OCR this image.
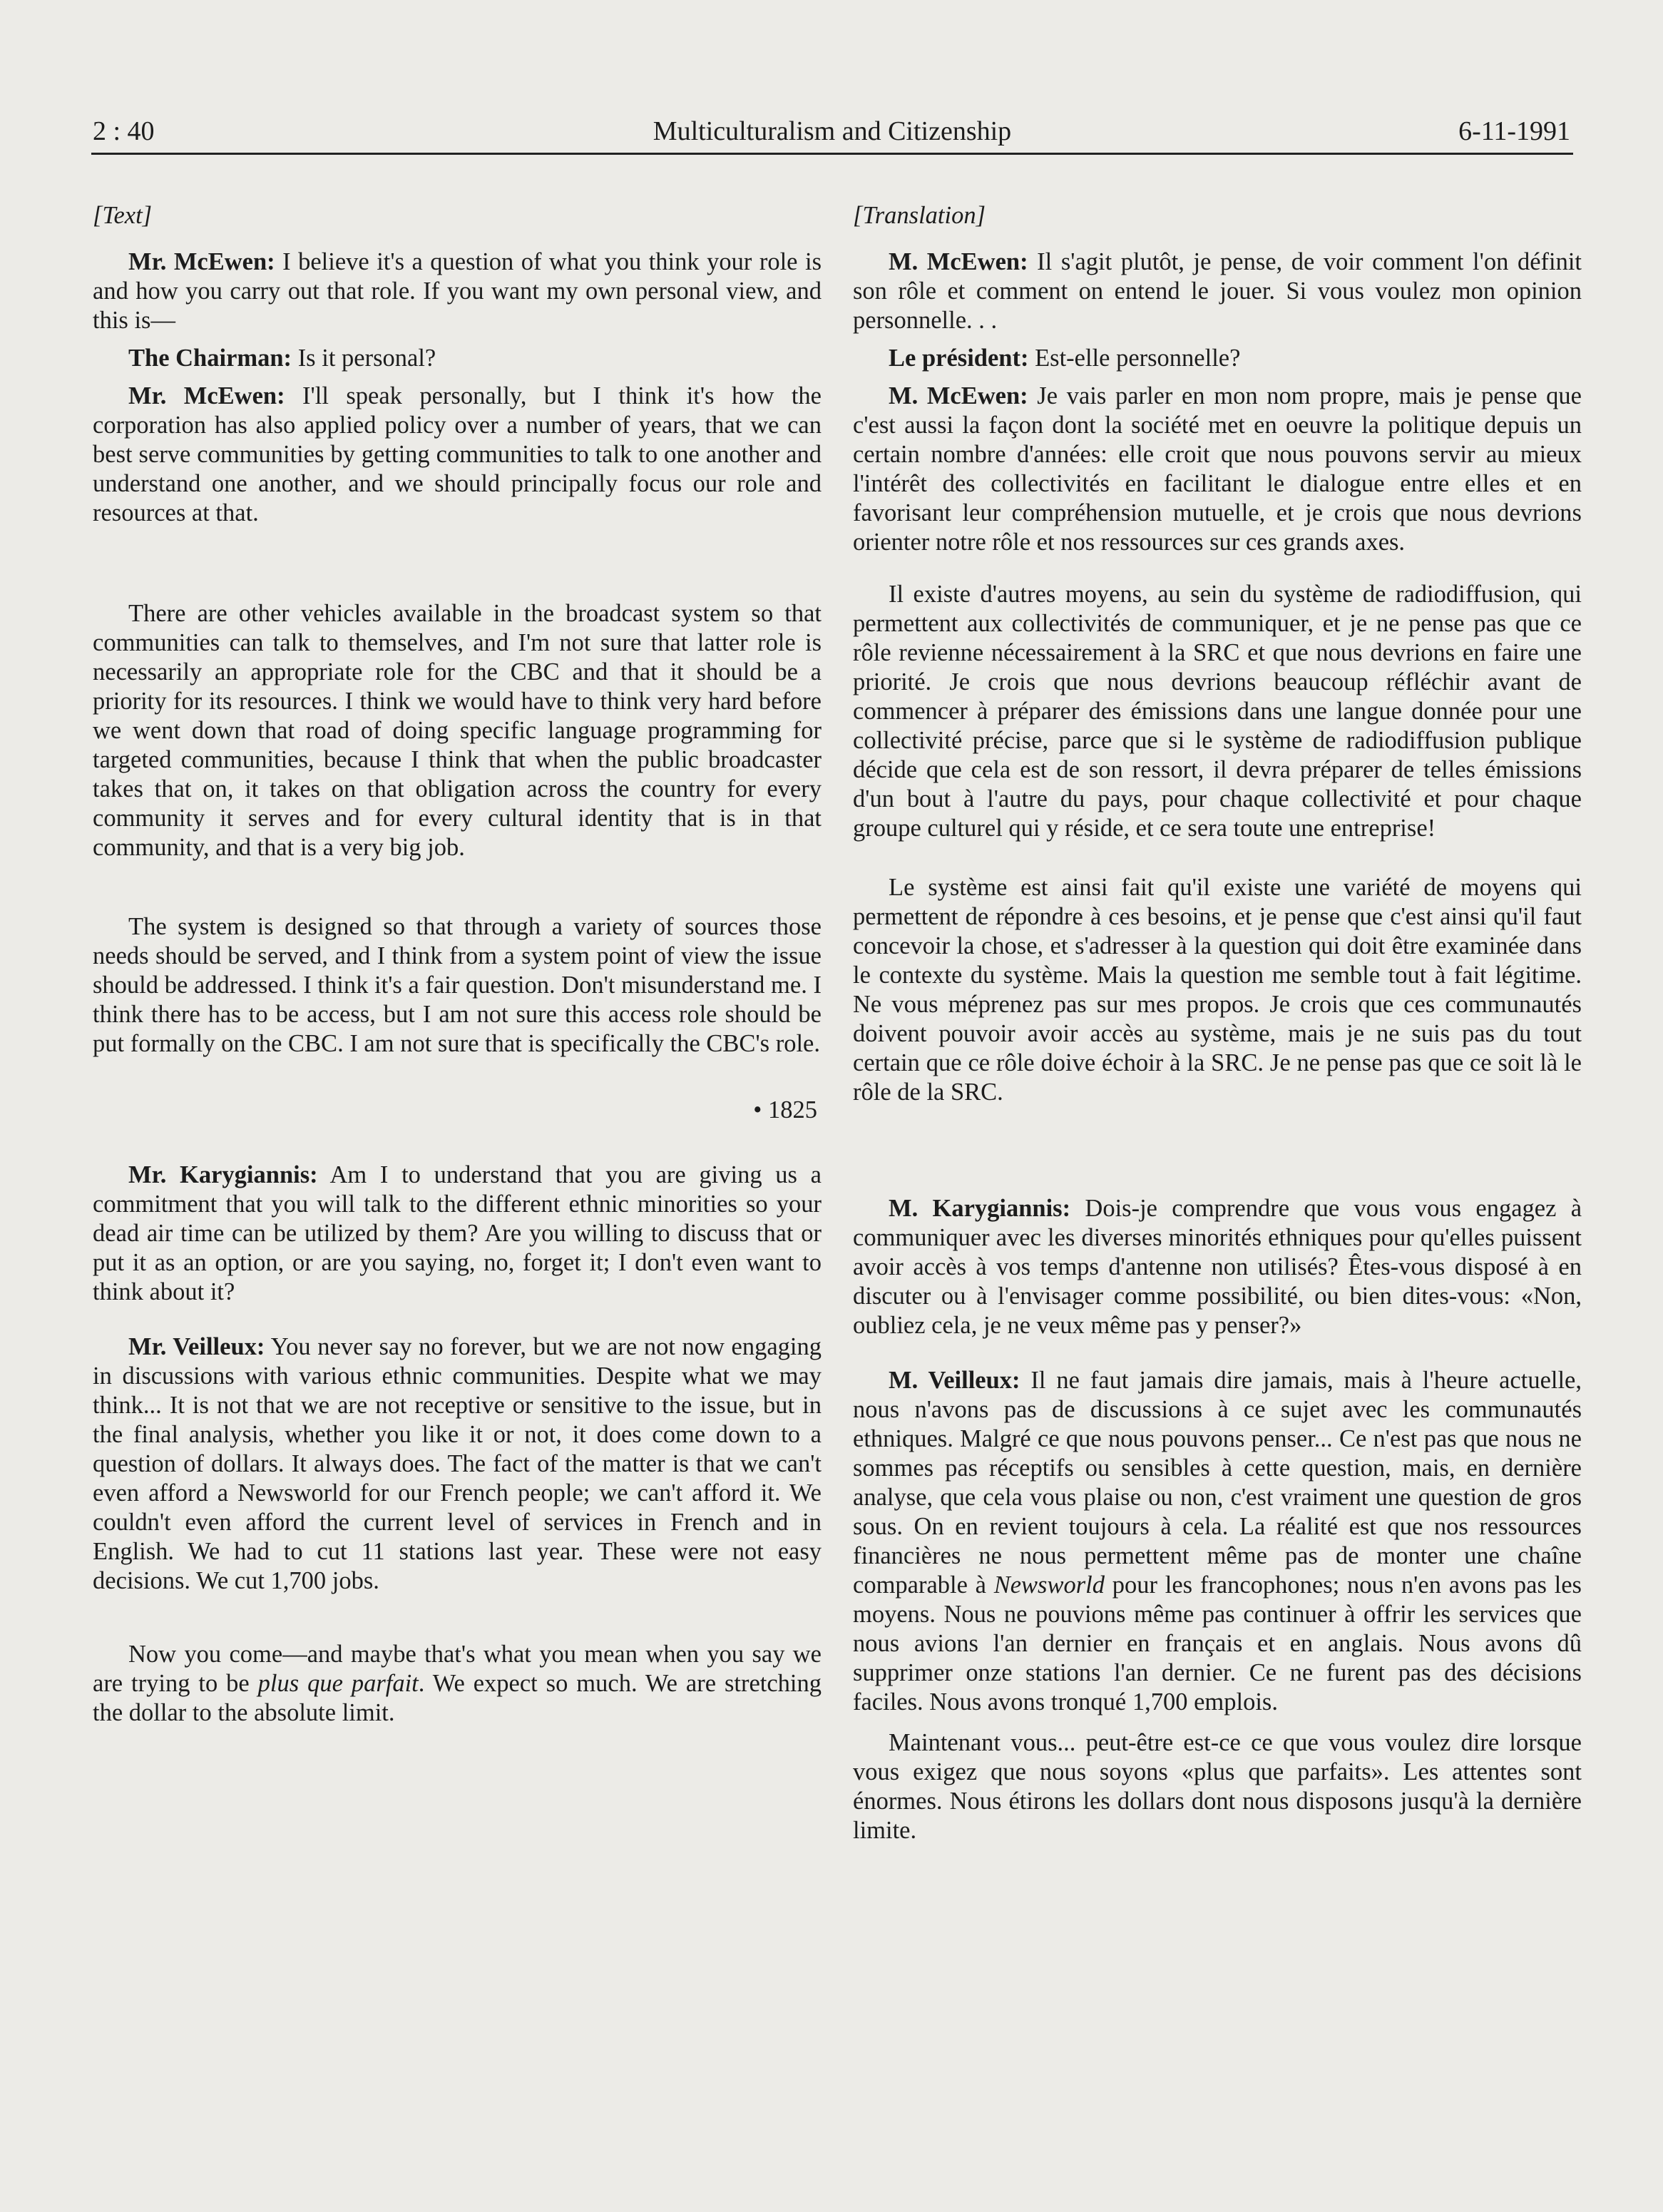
2 : 40	Multiculturalism and Citizenship	6-11-1991

[Text]

Mr. McEwen: I believe it's a question of what you think your role is and how you carry out that role. If you want my own personal view, and this is—

The Chairman: Is it personal?

Mr. McEwen: I'll speak personally, but I think it's how the corporation has also applied policy over a number of years, that we can best serve communities by getting communities to talk to one another and understand one another, and we should principally focus our role and resources at that.

There are other vehicles available in the broadcast system so that communities can talk to themselves, and I'm not sure that latter role is necessarily an appropriate role for the CBC and that it should be a priority for its resources. I think we would have to think very hard before we went down that road of doing specific language programming for targeted communities, because I think that when the public broadcaster takes that on, it takes on that obligation across the country for every community it serves and for every cultural identity that is in that community, and that is a very big job.

The system is designed so that through a variety of sources those needs should be served, and I think from a system point of view the issue should be addressed. I think it's a fair question. Don't misunderstand me. I think there has to be access, but I am not sure this access role should be put formally on the CBC. I am not sure that is specifically the CBC's role.

• 1825

Mr. Karygiannis: Am I to understand that you are giving us a commitment that you will talk to the different ethnic minorities so your dead air time can be utilized by them? Are you willing to discuss that or put it as an option, or are you saying, no, forget it; I don't even want to think about it?

Mr. Veilleux: You never say no forever, but we are not now engaging in discussions with various ethnic communities. Despite what we may think... It is not that we are not receptive or sensitive to the issue, but in the final analysis, whether you like it or not, it does come down to a question of dollars. It always does. The fact of the matter is that we can't even afford a Newsworld for our French people; we can't afford it. We couldn't even afford the current level of services in French and in English. We had to cut 11 stations last year. These were not easy decisions. We cut 1,700 jobs.

Now you come—and maybe that's what you mean when you say we are trying to be plus que parfait. We expect so much. We are stretching the dollar to the absolute limit.

[Translation]

M. McEwen: Il s'agit plutôt, je pense, de voir comment l'on définit son rôle et comment on entend le jouer. Si vous voulez mon opinion personnelle. . .

Le président: Est-elle personnelle?

M. McEwen: Je vais parler en mon nom propre, mais je pense que c'est aussi la façon dont la société met en oeuvre la politique depuis un certain nombre d'années: elle croit que nous pouvons servir au mieux l'intérêt des collectivités en facilitant le dialogue entre elles et en favorisant leur compréhension mutuelle, et je crois que nous devrions orienter notre rôle et nos ressources sur ces grands axes.

Il existe d'autres moyens, au sein du système de radiodiffusion, qui permettent aux collectivités de communiquer, et je ne pense pas que ce rôle revienne nécessairement à la SRC et que nous devrions en faire une priorité. Je crois que nous devrions beaucoup réfléchir avant de commencer à préparer des émissions dans une langue donnée pour une collectivité précise, parce que si le système de radiodiffusion publique décide que cela est de son ressort, il devra préparer de telles émissions d'un bout à l'autre du pays, pour chaque collectivité et pour chaque groupe culturel qui y réside, et ce sera toute une entreprise!

Le système est ainsi fait qu'il existe une variété de moyens qui permettent de répondre à ces besoins, et je pense que c'est ainsi qu'il faut concevoir la chose, et s'adresser à la question qui doit être examinée dans le contexte du système. Mais la question me semble tout à fait légitime. Ne vous méprenez pas sur mes propos. Je crois que ces communautés doivent pouvoir avoir accès au système, mais je ne suis pas du tout certain que ce rôle doive échoir à la SRC. Je ne pense pas que ce soit là le rôle de la SRC.

M. Karygiannis: Dois-je comprendre que vous vous engagez à communiquer avec les diverses minorités ethniques pour qu'elles puissent avoir accès à vos temps d'antenne non utilisés? Êtes-vous disposé à en discuter ou à l'envisager comme possibilité, ou bien dites-vous: «Non, oubliez cela, je ne veux même pas y penser?»

M. Veilleux: Il ne faut jamais dire jamais, mais à l'heure actuelle, nous n'avons pas de discussions à ce sujet avec les communautés ethniques. Malgré ce que nous pouvons penser... Ce n'est pas que nous ne sommes pas réceptifs ou sensibles à cette question, mais, en dernière analyse, que cela vous plaise ou non, c'est vraiment une question de gros sous. On en revient toujours à cela. La réalité est que nos ressources financières ne nous permettent même pas de monter une chaîne comparable à Newsworld pour les francophones; nous n'en avons pas les moyens. Nous ne pouvions même pas continuer à offrir les services que nous avions l'an dernier en français et en anglais. Nous avons dû supprimer onze stations l'an dernier. Ce ne furent pas des décisions faciles. Nous avons tronqué 1,700 emplois.

Maintenant vous... peut-être est-ce ce que vous voulez dire lorsque vous exigez que nous soyons «plus que parfaits». Les attentes sont énormes. Nous étirons les dollars dont nous disposons jusqu'à la dernière limite.
